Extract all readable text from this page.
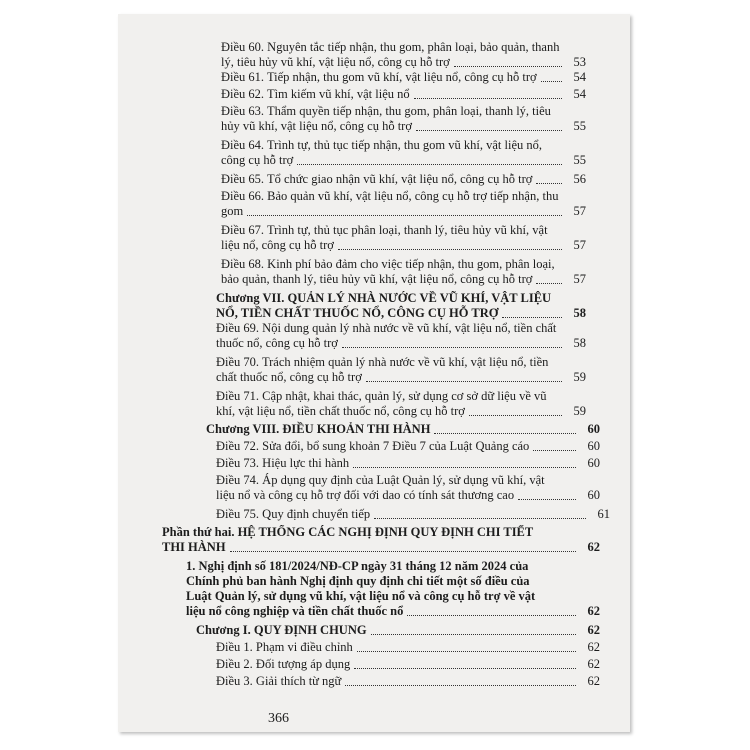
Điều 60. Nguyên tắc tiếp nhận, thu gom, phân loại, bảo quản, thanh
lý, tiêu hủy vũ khí, vật liệu nổ, công cụ hỗ trợ	53
Điều 61. Tiếp nhận, thu gom vũ khí, vật liệu nổ, công cụ hỗ trợ	54
Điều 62. Tìm kiếm vũ khí, vật liệu nổ	54
Điều 63. Thẩm quyền tiếp nhận, thu gom, phân loại, thanh lý, tiêu
hủy vũ khí, vật liệu nổ, công cụ hỗ trợ	55
Điều 64. Trình tự, thủ tục tiếp nhận, thu gom vũ khí, vật liệu nổ,
công cụ hỗ trợ	55
Điều 65. Tổ chức giao nhận vũ khí, vật liệu nổ, công cụ hỗ trợ	56
Điều 66. Bảo quản vũ khí, vật liệu nổ, công cụ hỗ trợ tiếp nhận, thu
gom	57
Điều 67. Trình tự, thủ tục phân loại, thanh lý, tiêu hủy vũ khí, vật
liệu nổ, công cụ hỗ trợ	57
Điều 68. Kinh phí bảo đảm cho việc tiếp nhận, thu gom, phân loại,
bảo quản, thanh lý, tiêu hủy vũ khí, vật liệu nổ, công cụ hỗ trợ	57
Chương VII. QUẢN LÝ NHÀ NƯỚC VỀ VŨ KHÍ, VẬT LIỆU
NỔ, TIỀN CHẤT THUỐC NỔ, CÔNG CỤ HỖ TRỢ	58
Điều 69. Nội dung quản lý nhà nước về vũ khí, vật liệu nổ, tiền chất
thuốc nổ, công cụ hỗ trợ	58
Điều 70. Trách nhiệm quản lý nhà nước về vũ khí, vật liệu nổ, tiền
chất thuốc nổ, công cụ hỗ trợ	59
Điều 71. Cập nhật, khai thác, quản lý, sử dụng cơ sở dữ liệu về vũ
khí, vật liệu nổ, tiền chất thuốc nổ, công cụ hỗ trợ	59
Chương VIII. ĐIỀU KHOẢN THI HÀNH	60
Điều 72. Sửa đổi, bổ sung khoản 7 Điều 7 của Luật Quảng cáo	60
Điều 73. Hiệu lực thi hành	60
Điều 74. Áp dụng quy định của Luật Quản lý, sử dụng vũ khí, vật
liệu nổ và công cụ hỗ trợ đối với dao có tính sát thương cao	60
Điều 75. Quy định chuyển tiếp	61
Phần thứ hai. HỆ THỐNG CÁC NGHỊ ĐỊNH QUY ĐỊNH CHI TIẾT
THI HÀNH	62
1. Nghị định số 181/2024/NĐ-CP ngày 31 tháng 12 năm 2024 của
Chính phủ ban hành Nghị định quy định chi tiết một số điều của
Luật Quản lý, sử dụng vũ khí, vật liệu nổ và công cụ hỗ trợ về vật
liệu nổ công nghiệp và tiền chất thuốc nổ	62
Chương I. QUY ĐỊNH CHUNG	62
Điều 1. Phạm vi điều chỉnh	62
Điều 2. Đối tượng áp dụng	62
Điều 3. Giải thích từ ngữ	62
366
